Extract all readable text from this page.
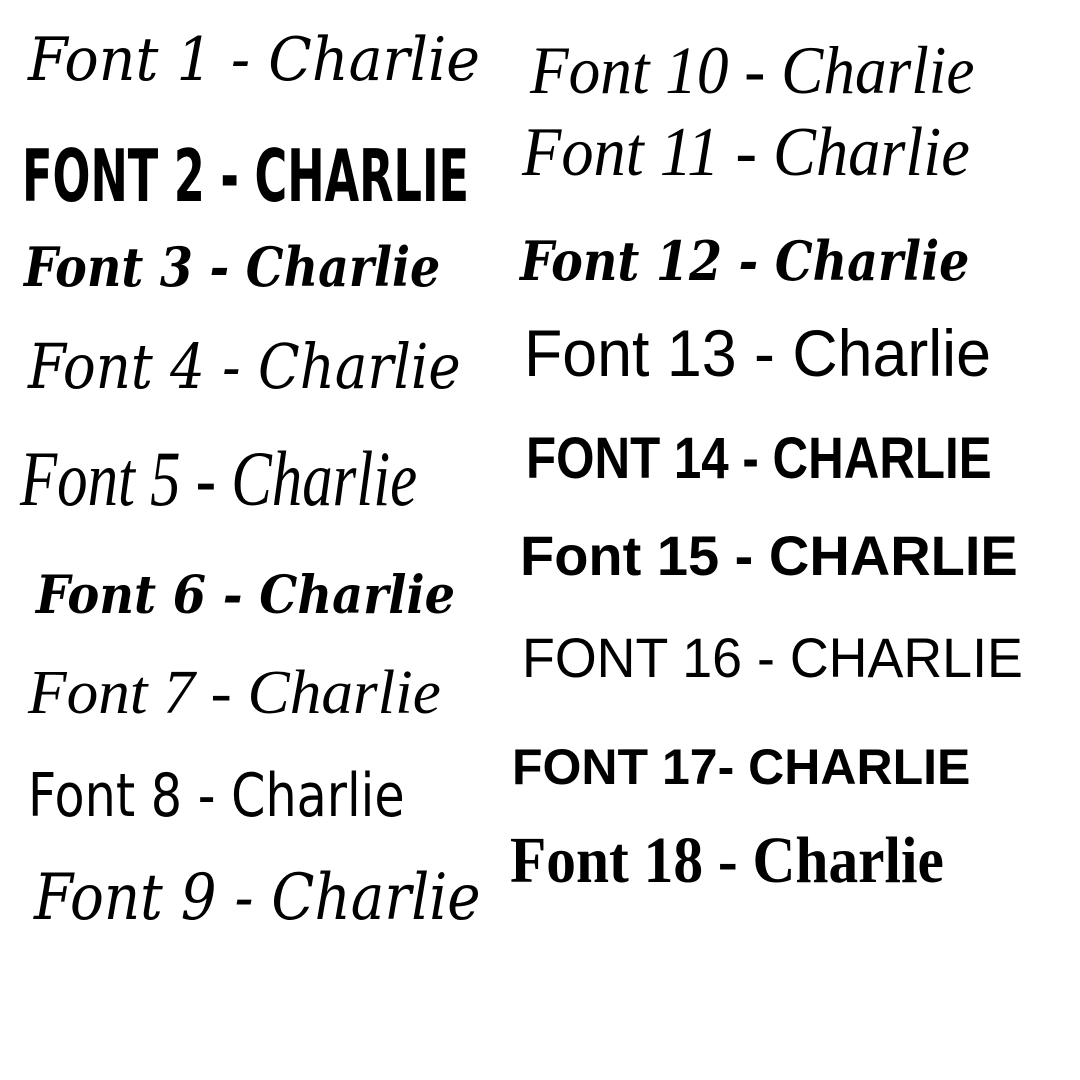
Font 1 - Charlie

FONT 2 - CHARLIE

Font 3 - Charlie

Font 4 - Charlie

Font 5 - Charlie

Font 6 - Charlie

Font 7 - Charlie

Font 8 - Charlie

Font 9 - Charlie

Font 10 - Charlie

Font 11 - Charlie

Font 12 - Charlie

Font 13 - Charlie

FONT 14 - CHARLIE

Font 15 - CHARLIE

FONT 16 - CHARLIE

FONT 17- CHARLIE

Font 18 - Charlie
